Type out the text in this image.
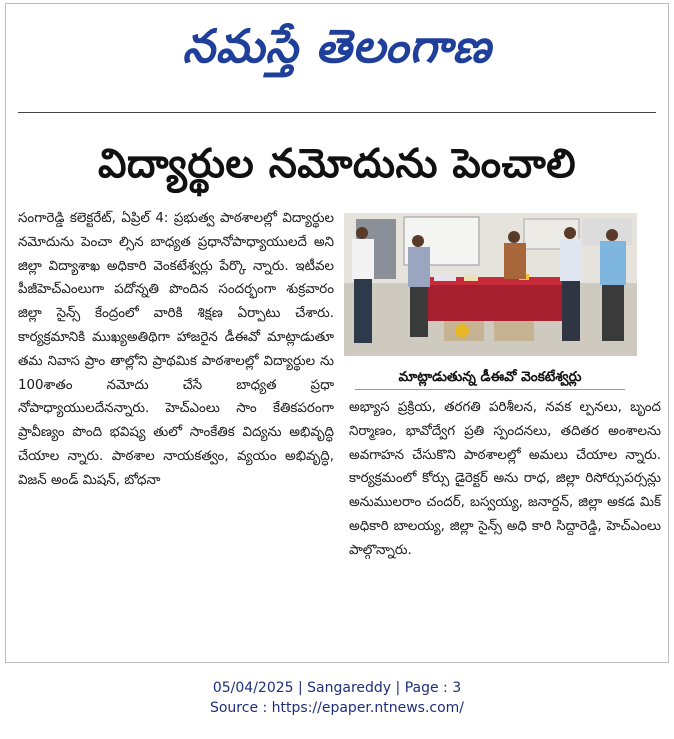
నమస్తే తెలంగాణ
విద్యార్థుల నమోదును పెంచాలి
సంగారెడ్డి కలెక్టరేట్, ఏప్రిల్ 4: ప్రభుత్వ పాఠశాలల్లో విద్యార్థుల నమోదును పెంచా ల్సిన బాధ్యత ప్రధానోపాధ్యాయులదే అని జిల్లా విద్యాశాఖ అధికారి వెంకటేశ్వర్లు పేర్కొ న్నారు. ఇటీవల పీజీహెచ్ఎంలుగా పదోన్నతి పొందిన సందర్భంగా శుక్రవారం జిల్లా సైన్స్ కేంద్రంలో వారికి శిక్షణ ఏర్పాటు చేశారు. కార్యక్రమానికి ముఖ్యఅతిథిగా హాజరైన డీఈవో మాట్లాడుతూ తమ నివాస ప్రాం తాల్లోని ప్రాథమిక పాఠశాలల్లో విద్యార్థుల ను 100శాతం నమోదు చేసే బాధ్యత ప్రధా నోపాధ్యాయులదేనన్నారు. హెచ్ఎంలు సాం కేతికపరంగా ప్రావీణ్యం పొంది భవిష్య తులో సాంకేతిక విద్యను అభివృద్ధి చేయాల న్నారు. పాఠశాల నాయకత్వం, వ్యయం అభివృద్ధి, విజన్ అండ్ మిషన్, బోధనా
మాట్లాడుతున్న డీఈవో వెంకటేశ్వర్లు
అభ్యాస ప్రక్రియ, తరగతి పరిశీలన, నవక ల్పనలు, బృంద నిర్మాణం, భావోద్వేగ ప్రతి స్పందనలు, తదితర అంశాలను అవగాహన చేసుకొని పాఠశాలల్లో అమలు చేయాల న్నారు. కార్యక్రమంలో కోర్సు డైరెక్టర్ అను రాధ, జిల్లా రిసోర్సుపర్సన్లు అనుములరాం చందర్, బస్వయ్య, జనార్దన్, జిల్లా అకడ మిక్ అధికారి బాలయ్య, జిల్లా సైన్స్ అధి కారి సిద్దారెడ్డి, హెచ్ఎంలు పాల్గొన్నారు.
05/04/2025 | Sangareddy | Page : 3
Source : https://epaper.ntnews.com/
